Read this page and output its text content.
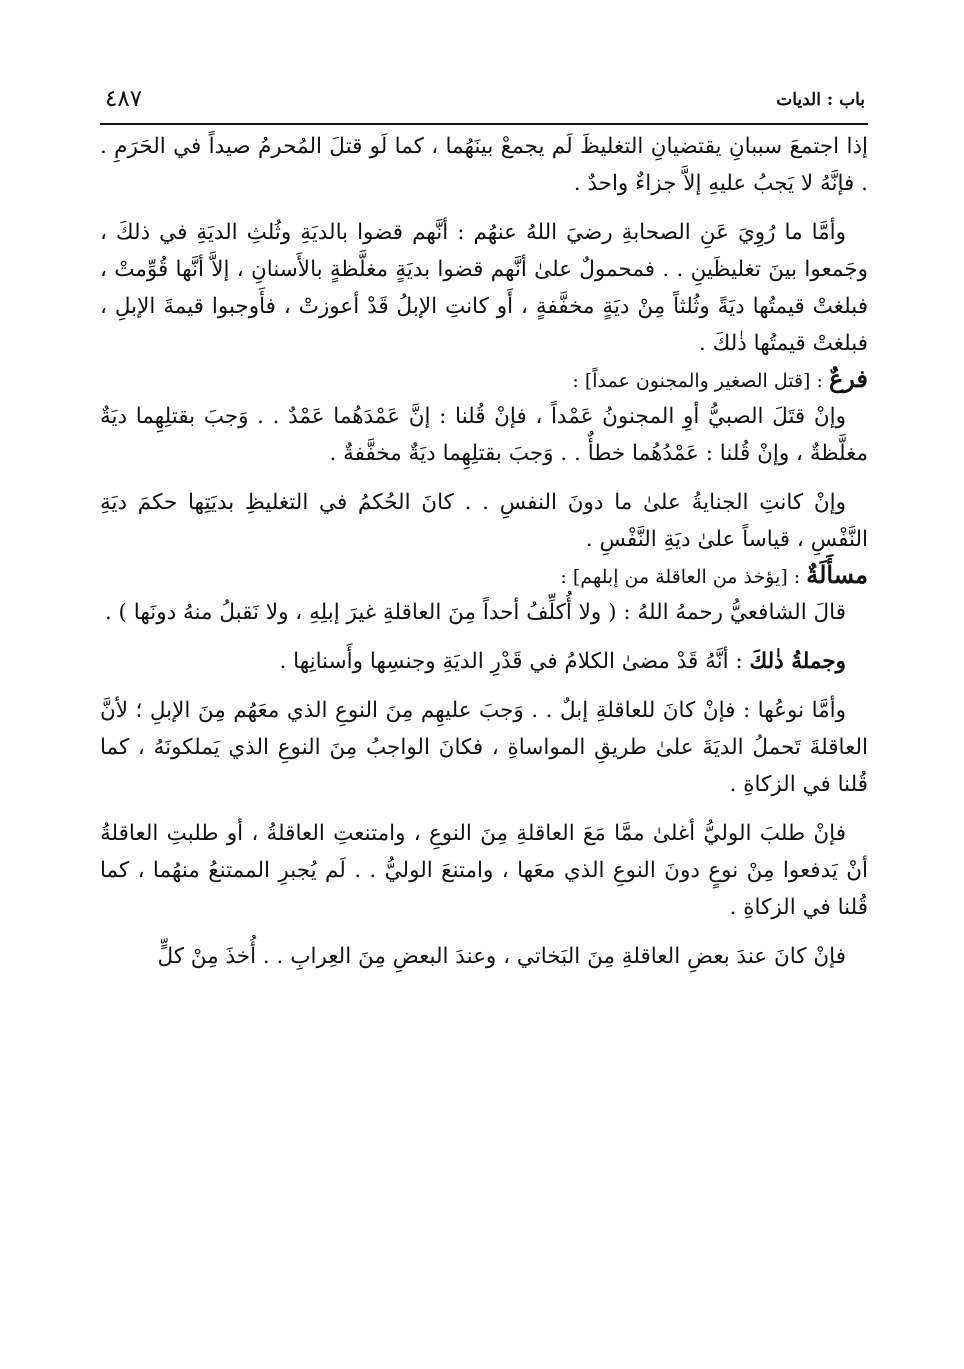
باب : الديات
٤٨٧

إذا اجتمعَ سببانِ يقتضيانِ التغليظَ لَم يجمعْ بينَهُما ، كما لَو قتلَ المُحرمُ صيداً في الحَرَمِ . . فإنَّهُ لا يَجبُ عليهِ إلاَّ جزاءٌ واحدٌ .

وأمَّا ما رُوِيَ عَنِ الصحابةِ رضيَ اللهُ عنهُم : أنَّهم قضوا بالديَةِ وثُلثِ الديَةِ في ذلكَ ، وجَمعوا بينَ تغليظَينِ . . فمحمولٌ علىٰ أنَّهم قضوا بديَةٍ مغلَّظةٍ بالأَسنانِ ، إلاَّ أنَّها قُوِّمتْ ، فبلغتْ قيمتُها ديَةً وثُلثاً مِنْ ديَةٍ مخفَّفةٍ ، أَو كانتِ الإبلُ قَدْ أعوزتْ ، فأَوجبوا قيمةَ الإبلِ ، فبلغتْ قيمتُها ذٰلكَ .

فرعٌ : [قتل الصغير والمجنون عمداً] :

وإنْ قتَلَ الصبيُّ أوِ المجنونُ عَمْداً ، فإنْ قُلنا : إنَّ عَمْدَهُما عَمْدٌ . . وَجبَ بقتلِهِما ديَةٌ مغلَّظةٌ ، وإنْ قُلنا : عَمْدُهُما خطأٌ . . وَجبَ بقتلِهِما ديَةٌ مخفَّفةٌ .

وإنْ كانتِ الجنايةُ علىٰ ما دونَ النفسِ . . كانَ الحُكمُ في التغليظِ بديَتِها حكمَ ديَةِ النَّفْسِ ، قياساً علىٰ ديَةِ النَّفْسِ .

مسأَلَةٌ : [يؤخذ من العاقلة من إبلهم] :

قالَ الشافعيُّ رحمهُ اللهُ : ( ولا أُكلِّفُ أحداً مِنَ العاقلةِ غيرَ إبلِهِ ، ولا نَقبلُ منهُ دونَها ) .

وجملةُ ذٰلكَ : أنَّهُ قَدْ مضىٰ الكلامُ في قَدْرِ الديَةِ وجنسِها وأَسنانِها .

وأمَّا نوعُها : فإنْ كانَ للعاقلةِ إبلٌ . . وَجبَ عليهِم مِنَ النوعِ الذي معَهُم مِنَ الإبلِ ؛ لأنَّ العاقلةَ تَحملُ الديَةَ علىٰ طريقِ المواساةِ ، فكانَ الواجبُ مِنَ النوعِ الذي يَملكونَهُ ، كما قُلنا في الزكاةِ .

فإنْ طلبَ الوليُّ أغلىٰ ممَّا مَعَ العاقلةِ مِنَ النوعِ ، وامتنعتِ العاقلةُ ، أو طلبتِ العاقلةُ أنْ يَدفعوا مِنْ نوعٍ دونَ النوعِ الذي معَها ، وامتنعَ الوليُّ . . لَم يُجبرِ الممتنعُ منهُما ، كما قُلنا في الزكاةِ .

فإنْ كانَ عندَ بعضِ العاقلةِ مِنَ البَخاتي ، وعندَ البعضِ مِنَ العِرابِ . . أُخذَ مِنْ كلٍّ
